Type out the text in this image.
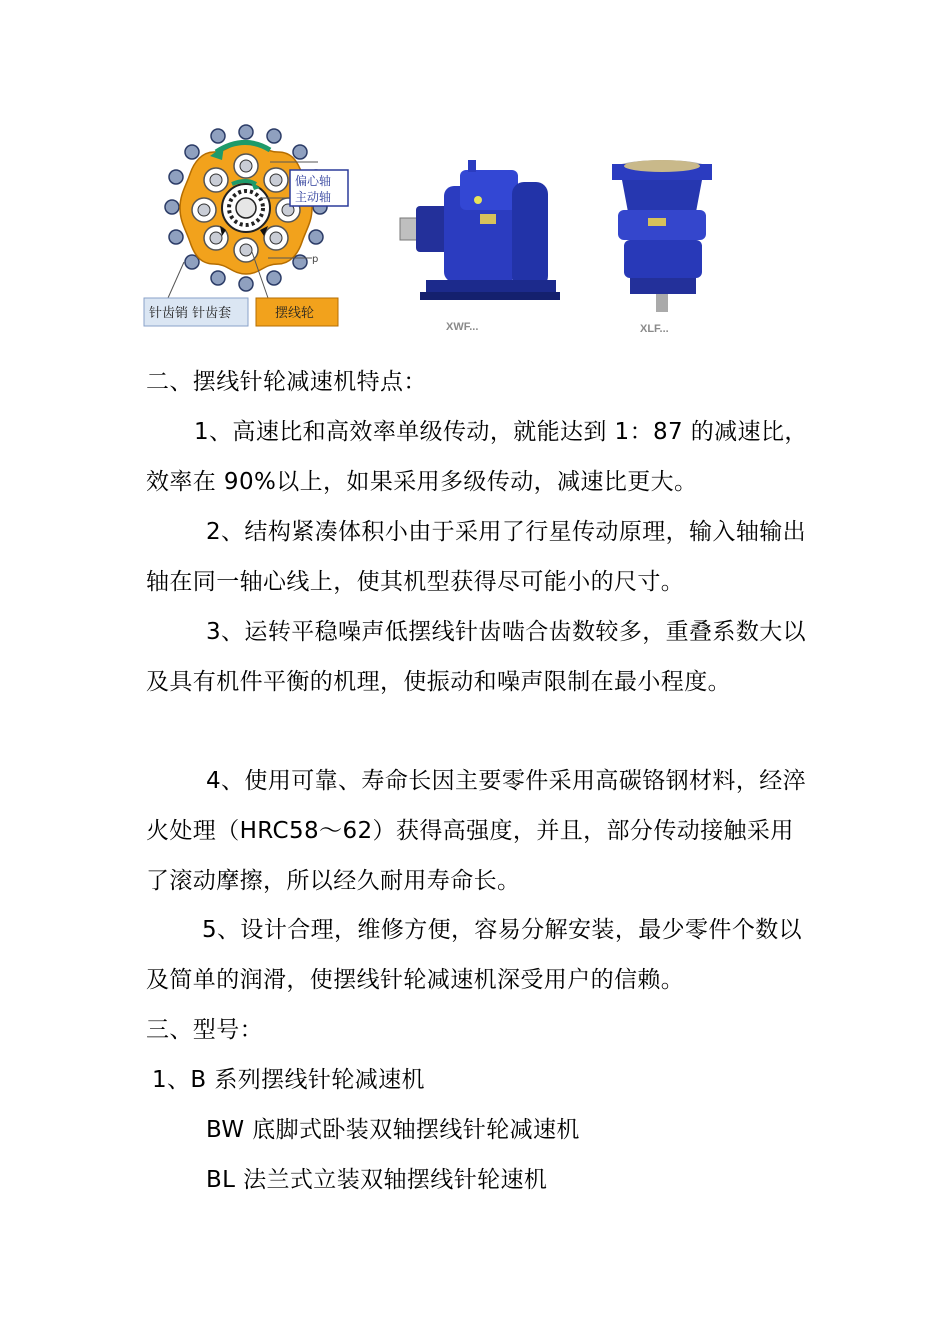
偏心轴
主动轴
p
针齿销 针齿套	摆线轮
XWF...	XLF...

二、摆线针轮减速机特点：

1、高速比和高效率单级传动，就能达到 1：87 的减速比，效率在 90%以上，如果采用多级传动，减速比更大。

2、结构紧凑体积小由于采用了行星传动原理，输入轴输出轴在同一轴心线上，使其机型获得尽可能小的尺寸。

3、运转平稳噪声低摆线针齿啮合齿数较多，重叠系数大以及具有机件平衡的机理，使振动和噪声限制在最小程度。

4、使用可靠、寿命长因主要零件采用高碳铬钢材料，经淬火处理（HRC58～62）获得高强度，并且，部分传动接触采用了滚动摩擦，所以经久耐用寿命长。

5、设计合理，维修方便，容易分解安装，最少零件个数以及简单的润滑，使摆线针轮减速机深受用户的信赖。

三、型号：

1、B 系列摆线针轮减速机

BW 底脚式卧装双轴摆线针轮减速机

BL 法兰式立装双轴摆线针轮速机
